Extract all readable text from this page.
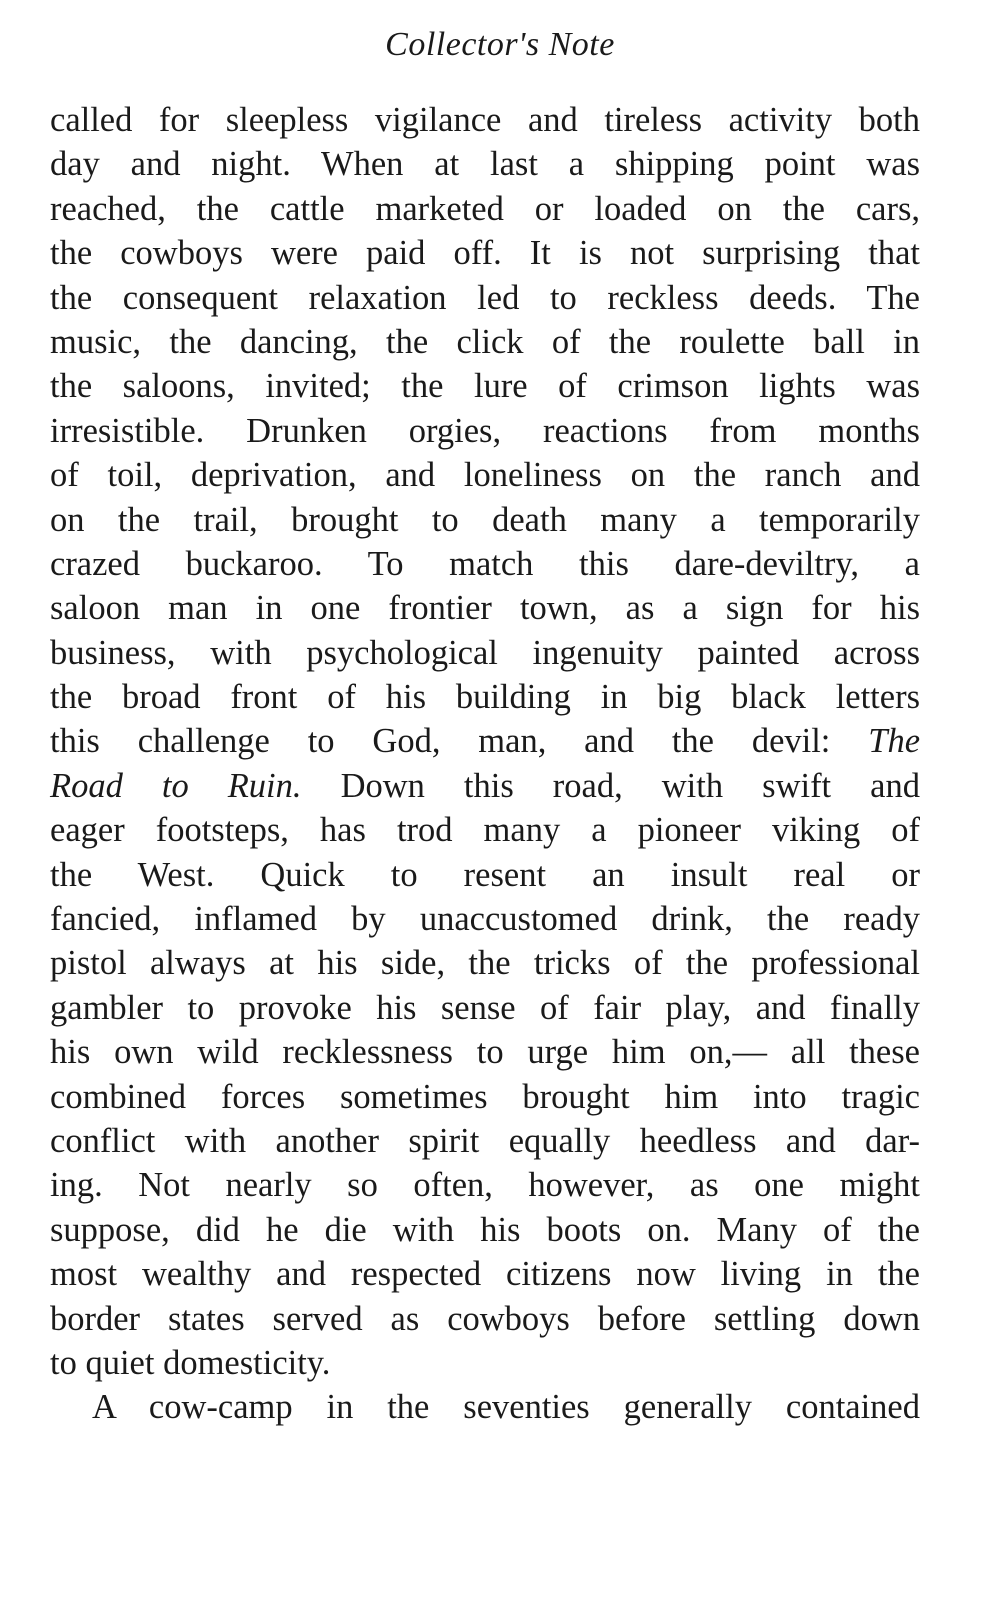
Collector's Note
called for sleepless vigilance and tireless activity both
day and night. When at last a shipping point was
reached, the cattle marketed or loaded on the cars,
the cowboys were paid off. It is not surprising that
the consequent relaxation led to reckless deeds. The
music, the dancing, the click of the roulette ball in
the saloons, invited; the lure of crimson lights was
irresistible. Drunken orgies, reactions from months
of toil, deprivation, and loneliness on the ranch and
on the trail, brought to death many a temporarily
crazed buckaroo. To match this dare-deviltry, a
saloon man in one frontier town, as a sign for his
business, with psychological ingenuity painted across
the broad front of his building in big black letters
this challenge to God, man, and the devil: The
Road to Ruin. Down this road, with swift and
eager footsteps, has trod many a pioneer viking of
the West. Quick to resent an insult real or
fancied, inflamed by unaccustomed drink, the ready
pistol always at his side, the tricks of the professional
gambler to provoke his sense of fair play, and finally
his own wild recklessness to urge him on,— all these
combined forces sometimes brought him into tragic
conflict with another spirit equally heedless and dar-
ing. Not nearly so often, however, as one might
suppose, did he die with his boots on. Many of the
most wealthy and respected citizens now living in the
border states served as cowboys before settling down
to quiet domesticity.
A cow-camp in the seventies generally contained
